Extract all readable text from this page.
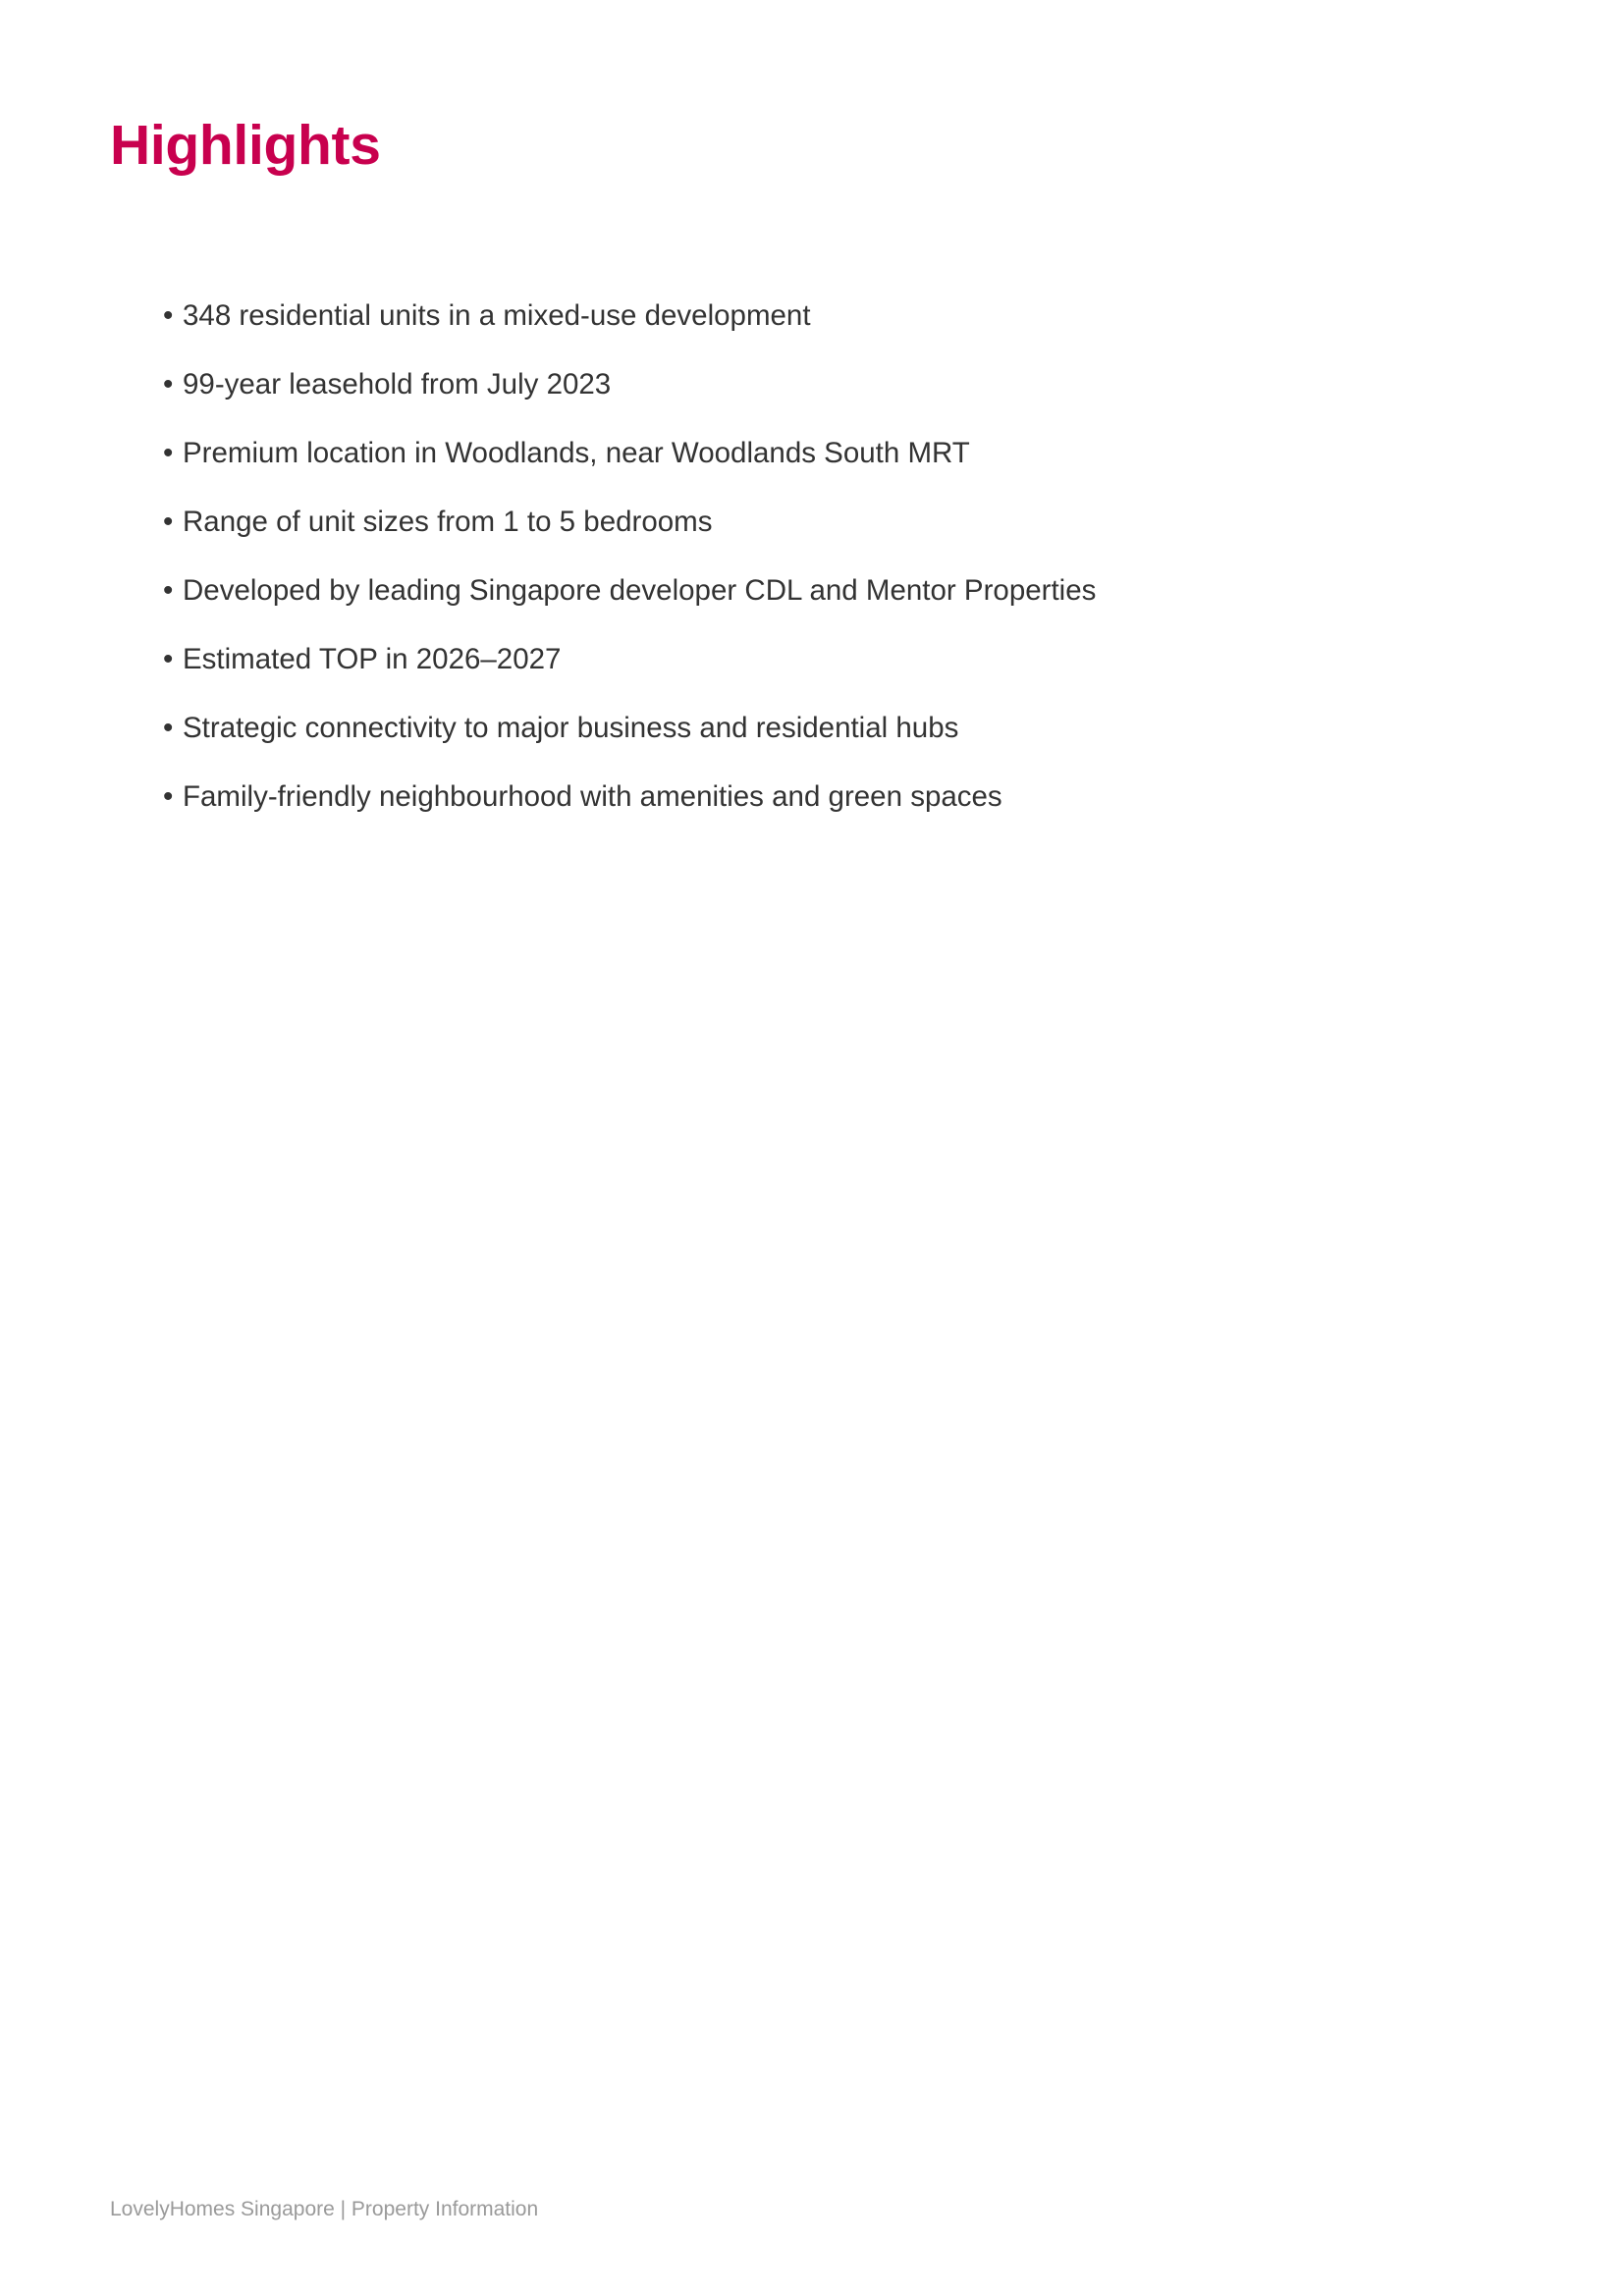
Highlights
• 348 residential units in a mixed-use development
• 99-year leasehold from July 2023
• Premium location in Woodlands, near Woodlands South MRT
• Range of unit sizes from 1 to 5 bedrooms
• Developed by leading Singapore developer CDL and Mentor Properties
• Estimated TOP in 2026–2027
• Strategic connectivity to major business and residential hubs
• Family-friendly neighbourhood with amenities and green spaces
LovelyHomes Singapore | Property Information
